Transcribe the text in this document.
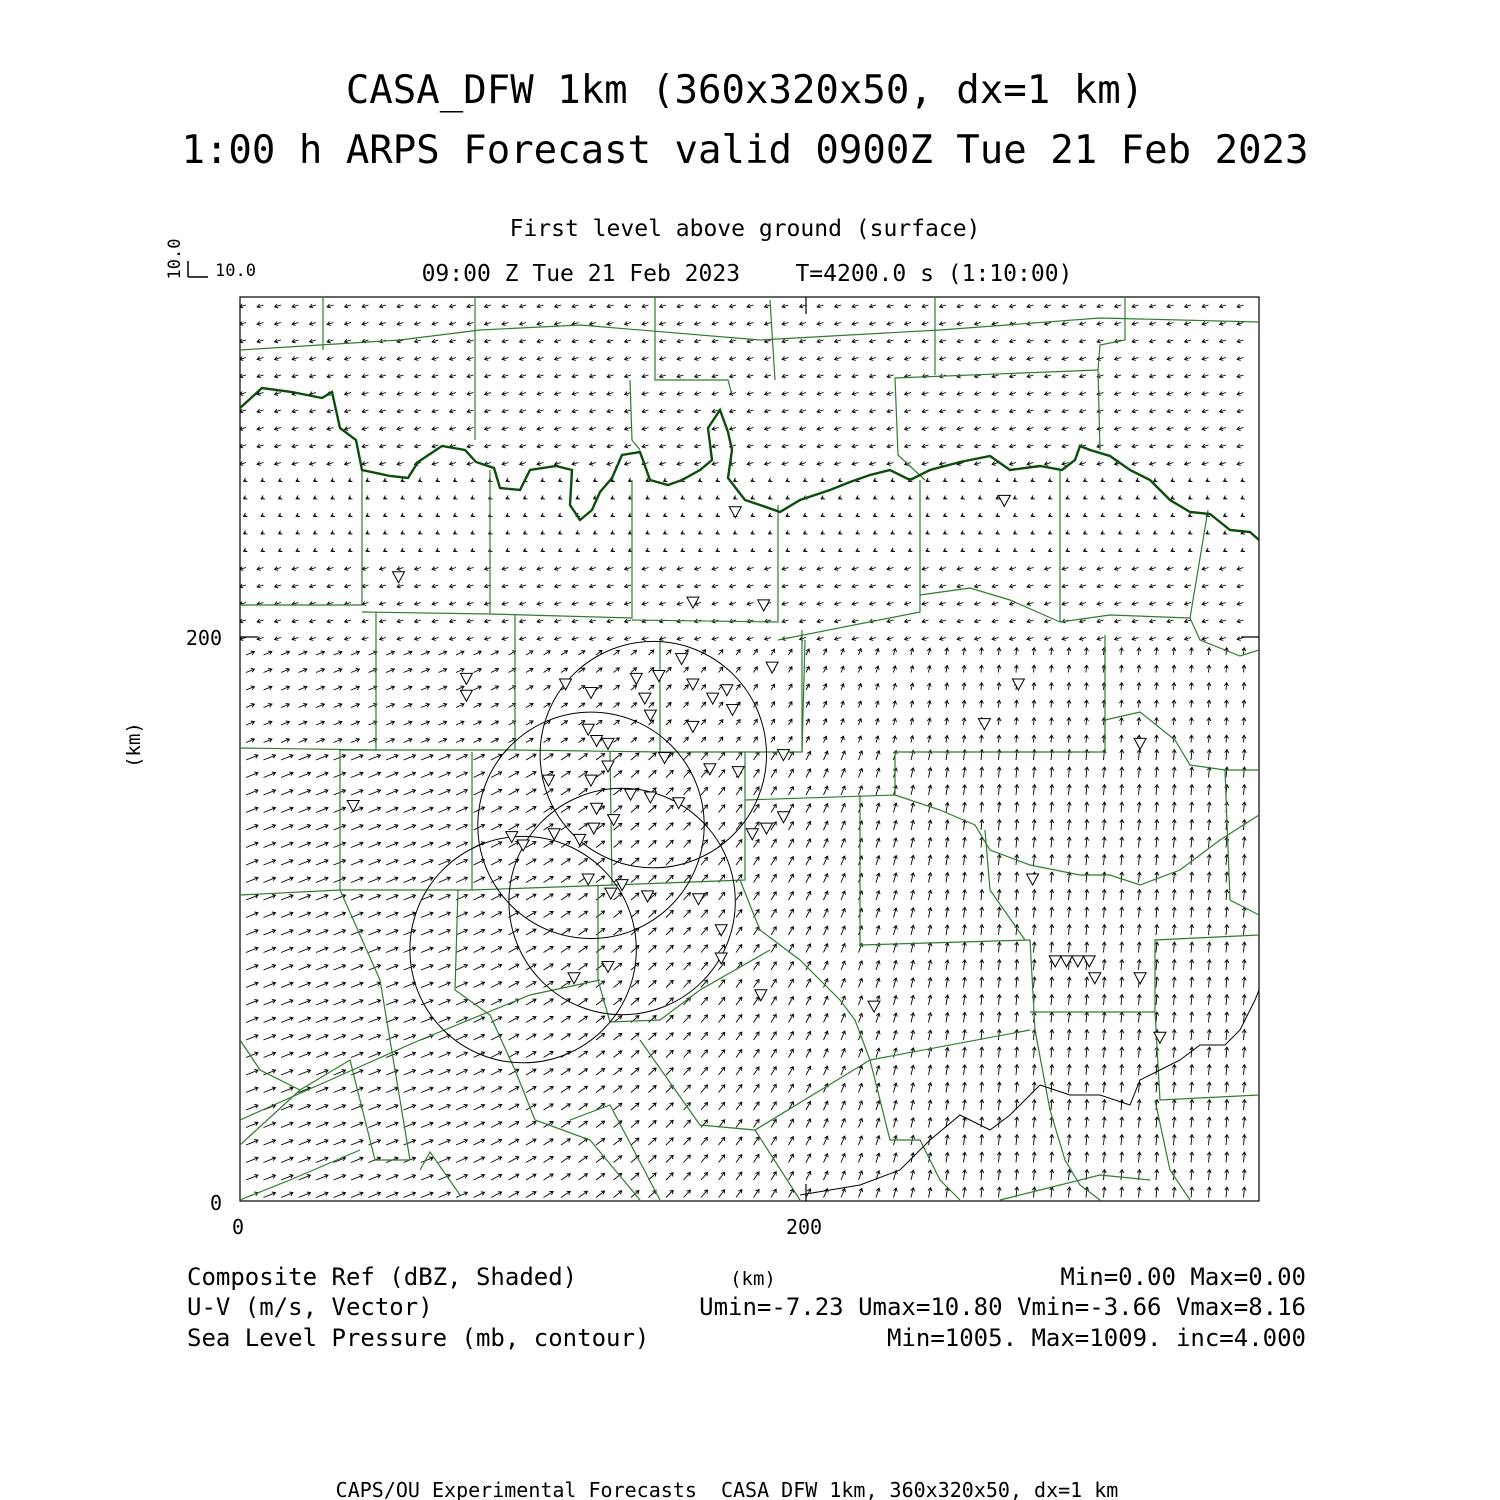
CASA_DFW 1km (360x320x50, dx=1 km)
1:00 h ARPS Forecast valid 0900Z Tue 21 Feb 2023
First level above ground (surface)
09:00 Z Tue 21 Feb 2023    T=4200.0 s (1:10:00)
10.0 10.0
(km)
(km)
0
200
0	200
Composite Ref (dBZ, Shaded)	Min=0.00 Max=0.00
U-V (m/s, Vector)	Umin=-7.23 Umax=10.80 Vmin=-3.66 Vmax=8.16
Sea Level Pressure (mb, contour)	Min=1005. Max=1009. inc=4.000
CAPS/OU Experimental Forecasts  CASA DFW 1km, 360x320x50, dx=1 km
